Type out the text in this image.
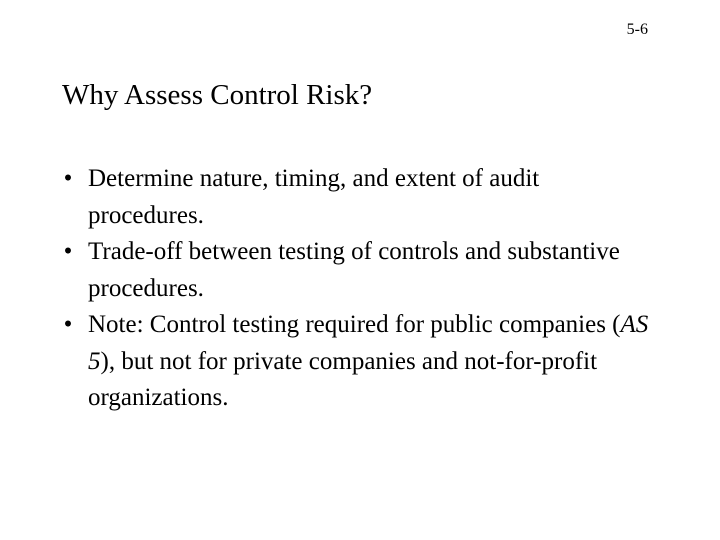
5-6
Why Assess Control Risk?
• Determine nature, timing, and extent of audit procedures.
• Trade-off between testing of controls and substantive procedures.
• Note: Control testing required for public companies (AS 5), but not for private companies and not-for-profit organizations.
